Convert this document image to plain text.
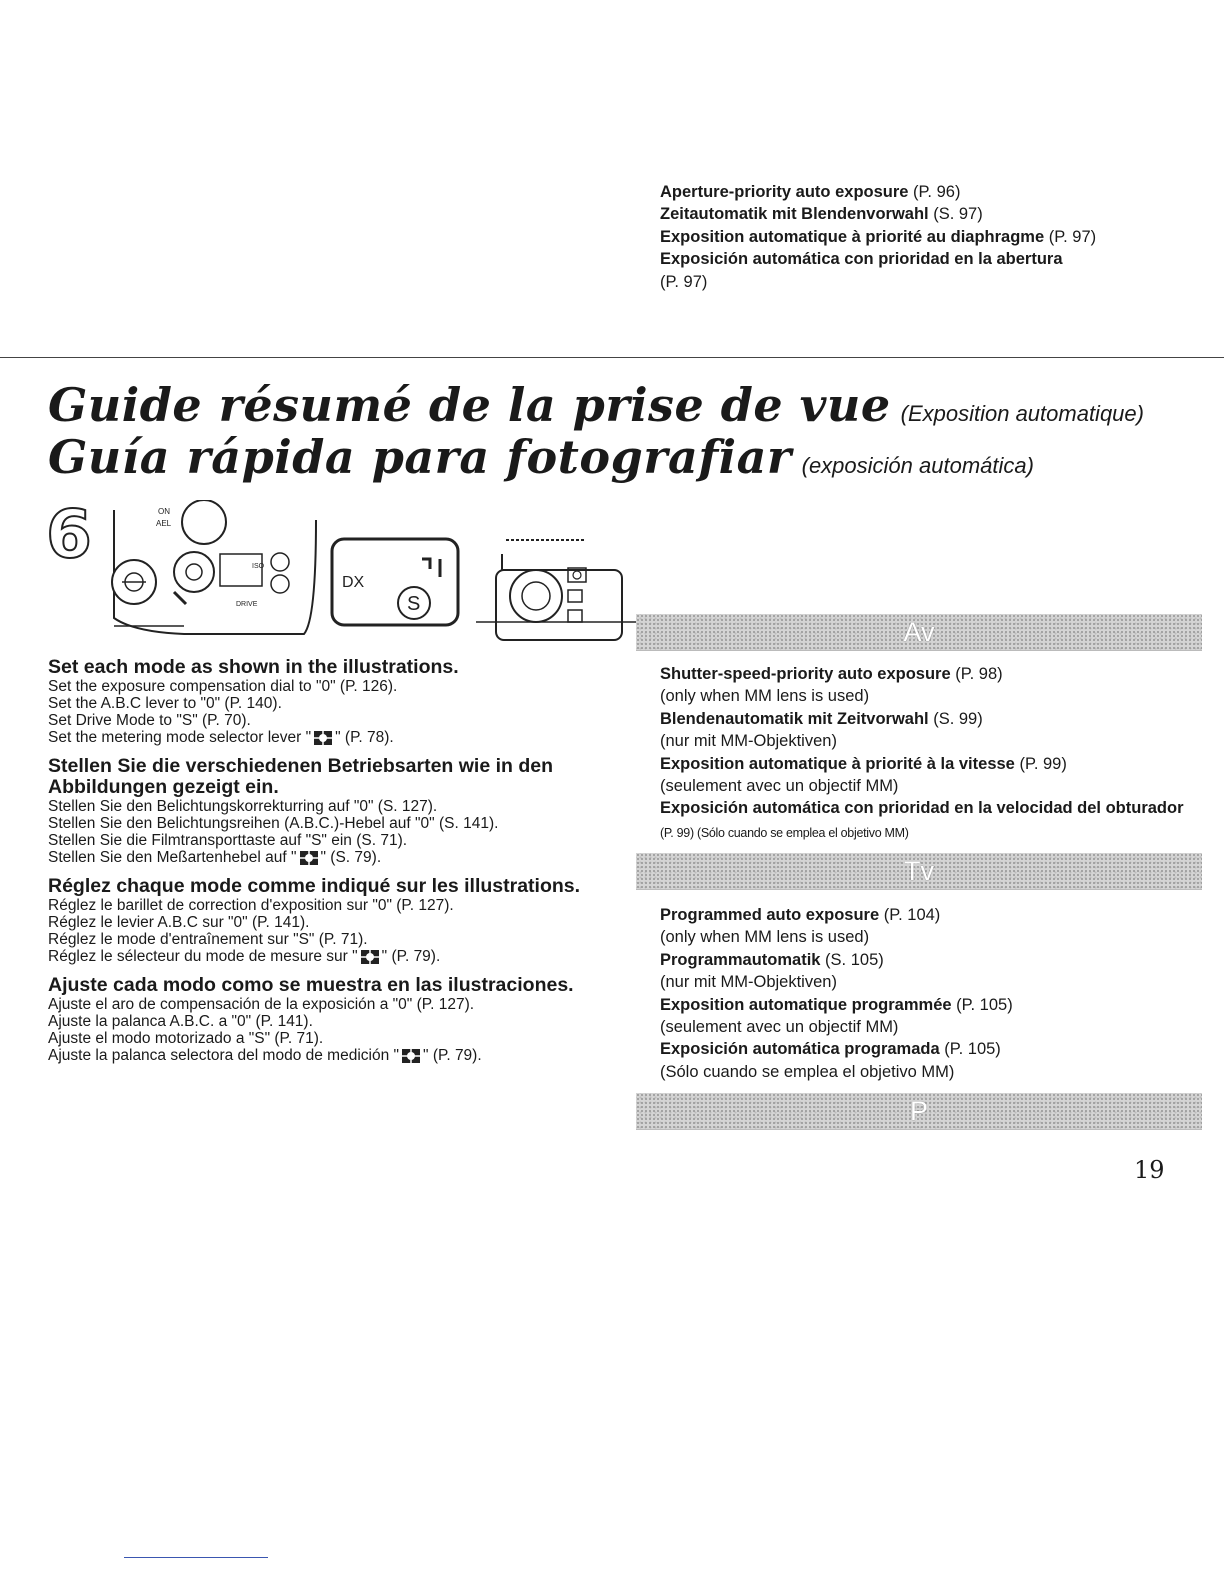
Guide résumé de la prise de vue (Exposition automatique)
Guía rápida para fotografiar (exposición automática)
6	ON
AEL
ISO
DRIVE
DX
S
Set each mode as shown in the illustrations.
Set the exposure compensation dial to "0" (P. 126).
Set the A.B.C lever to "0" (P. 140).
Set Drive Mode to "S" (P. 70).
Set the metering mode selector lever " " (P. 78).
Stellen Sie die verschiedenen Betriebsarten wie in den Abbildungen gezeigt ein.
Stellen Sie den Belichtungskorrekturring auf "0" (S. 127).
Stellen Sie den Belichtungsreihen (A.B.C.)-Hebel auf "0" (S. 141).
Stellen Sie die Filmtransporttaste auf "S" ein (S. 71).
Stellen Sie den Meßartenhebel auf " " (S. 79).
Réglez chaque mode comme indiqué sur les illustrations.
Réglez le barillet de correction d'exposition sur "0" (P. 127).
Réglez le levier A.B.C sur "0" (P. 141).
Réglez le mode d'entraînement sur "S" (P. 71).
Réglez le sélecteur du mode de mesure sur " " (P. 79).
Ajuste cada modo como se muestra en las ilustraciones.
Ajuste el aro de compensación de la exposición a "0" (P. 127).
Ajuste la palanca A.B.C. a "0" (P. 141).
Ajuste el modo motorizado a "S" (P. 71).
Ajuste la palanca selectora del modo de medición " " (P. 79).

Aperture-priority auto exposure (P. 96)

Zeitautomatik mit Blendenvorwahl (S. 97)

Exposition automatique à priorité au diaphragme (P. 97)

Exposición automática con prioridad en la abertura

(P. 97)

Av

Shutter-speed-priority auto exposure (P. 98)

(only when MM lens is used)

Blendenautomatik mit Zeitvorwahl (S. 99)

(nur mit MM-Objektiven)

Exposition automatique à priorité à la vitesse (P. 99)

(seulement avec un objectif MM)

Exposición automática con prioridad en la velocidad del obturador (P. 99) (Sólo cuando se emplea el objetivo MM)

Tv

Programmed auto exposure (P. 104)

(only when MM lens is used)

Programmautomatik (S. 105)

(nur mit MM-Objektiven)

Exposition automatique programmée (P. 105)

(seulement avec un objectif MM)

Exposición automática programada (P. 105)

(Sólo cuando se emplea el objetivo MM)

P
19
